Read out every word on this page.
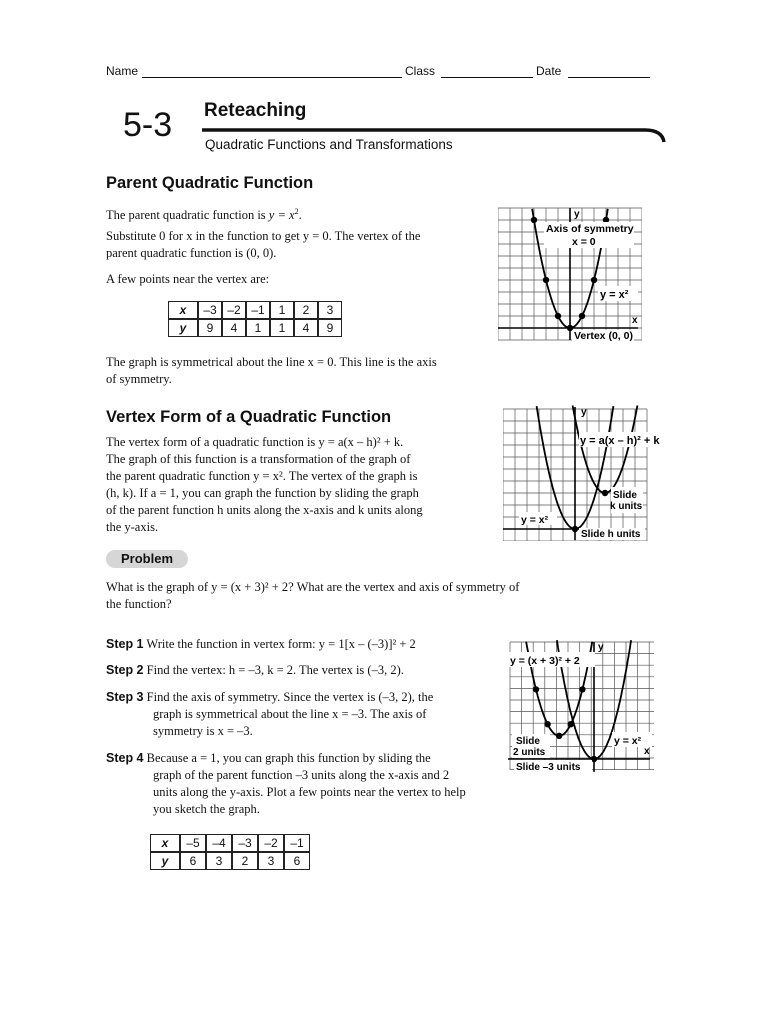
Name	Class	Date
5-3 Reteaching
Quadratic Functions and Transformations
Parent Quadratic Function

The parent quadratic function is $y = x^2$.

Substitute 0 for x in the function to get y = 0. The vertex of the

parent quadratic function is (0, 0).

A few points near the vertex are:

x	–3	–2	–1	1	2	3
y	9	4	1	1	4	9

The graph is symmetrical about the line x = 0. This line is the axis

of symmetry.

y
Axis of symmetry
x = 0
y = x²
x
Vertex (0, 0)
Vertex Form of a Quadratic Function

The vertex form of a quadratic function is y = a(x – h)² + k.

The graph of this function is a transformation of the graph of

the parent quadratic function y = x². The vertex of the graph is

(h, k). If a = 1, you can graph the function by sliding the graph

of the parent function h units along the x-axis and k units along

the y-axis.

y
y = a(x – h)² + k
Slide
k units
y = x²
Slide h units
Problem

What is the graph of y = (x + 3)² + 2? What are the vertex and axis of symmetry of

the function?

Step 1 Write the function in vertex form: y = 1[x – (–3)]² + 2

Step 2 Find the vertex: h = –3, k = 2. The vertex is (–3, 2).

Step 3 Find the axis of symmetry. Since the vertex is (–3, 2), the

graph is symmetrical about the line x = –3. The axis of

symmetry is x = –3.

Step 4 Because a = 1, you can graph this function by sliding the

graph of the parent function –3 units along the x-axis and 2

units along the y-axis. Plot a few points near the vertex to help

you sketch the graph.

x	–5	–4	–3	–2	–1
y	6	3	2	3	6
y
y = (x + 3)² + 2
y = x²
x
Slide
2 units
Slide –3 units
